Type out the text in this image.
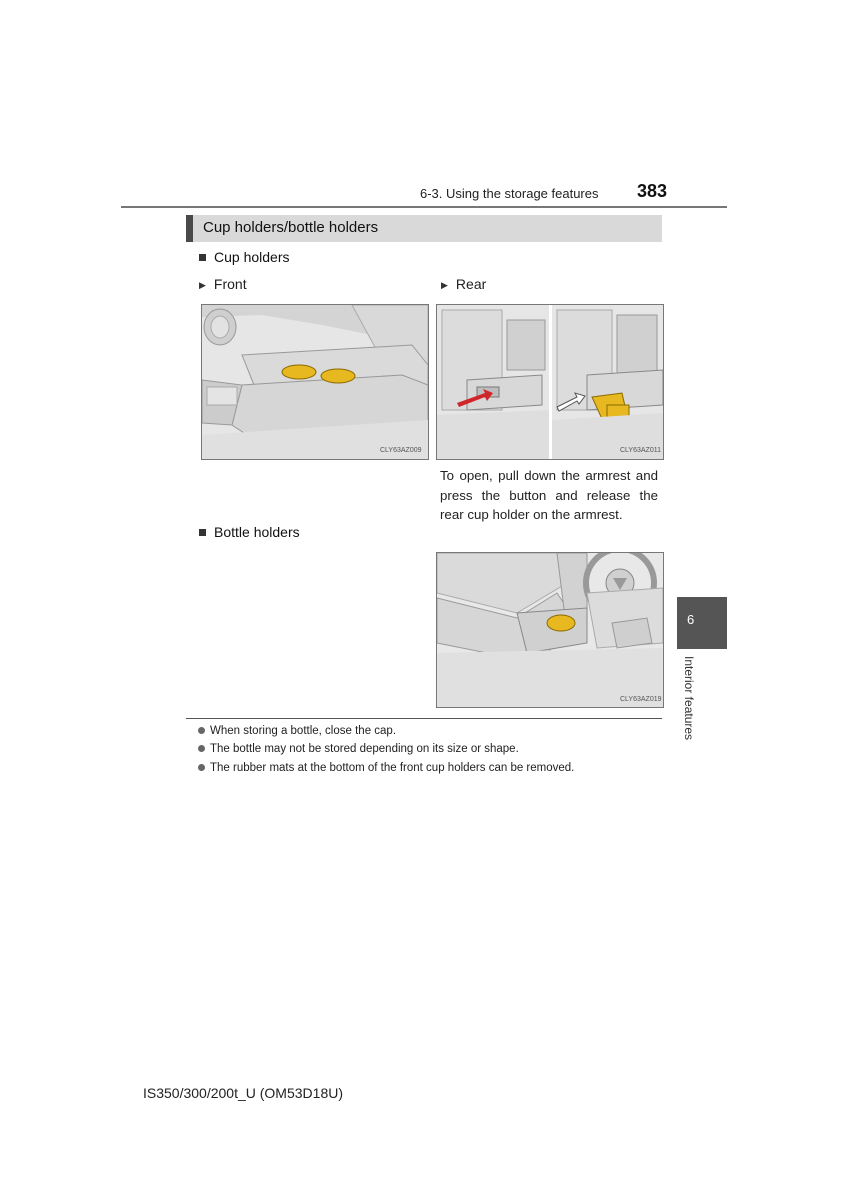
6-3. Using the storage features 383
Cup holders/bottle holders
Cup holders
▶ Front	▶ Rear
CLY63AZ009	CLY63AZ011
To open, pull down the armrest and press the button and release the rear cup holder on the armrest.
Bottle holders
CLY63AZ019
When storing a bottle, close the cap.
The bottle may not be stored depending on its size or shape.
The rubber mats at the bottom of the front cup holders can be removed.
6
Interior features
IS350/300/200t_U (OM53D18U)
